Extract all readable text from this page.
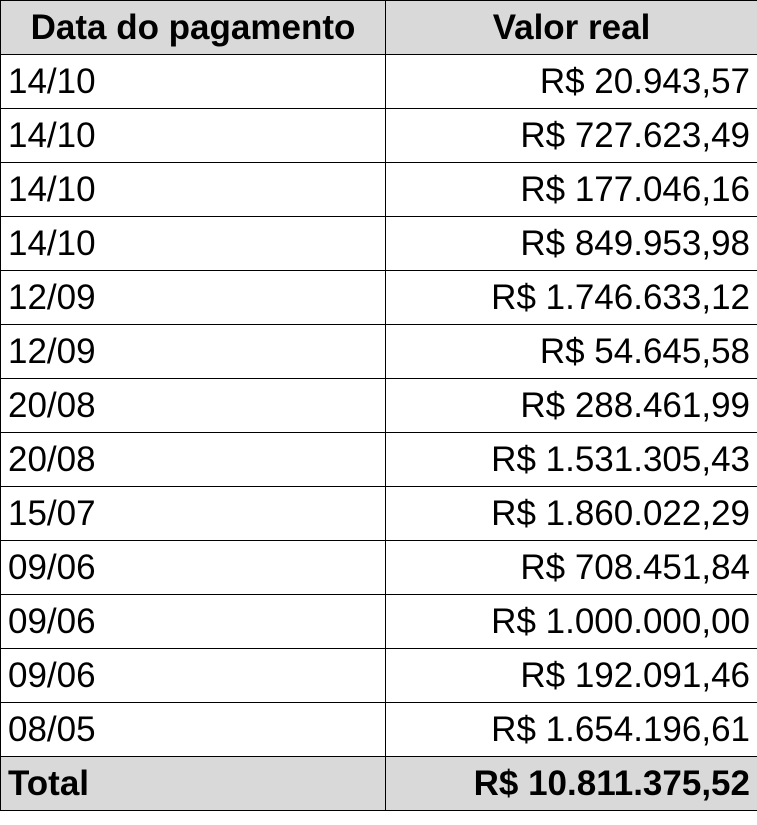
Data do pagamento	Valor real
14/10	R$ 20.943,57
14/10	R$ 727.623,49
14/10	R$ 177.046,16
14/10	R$ 849.953,98
12/09	R$ 1.746.633,12
12/09	R$ 54.645,58
20/08	R$ 288.461,99
20/08	R$ 1.531.305,43
15/07	R$ 1.860.022,29
09/06	R$ 708.451,84
09/06	R$ 1.000.000,00
09/06	R$ 192.091,46
08/05	R$ 1.654.196,61
Total	R$ 10.811.375,52
